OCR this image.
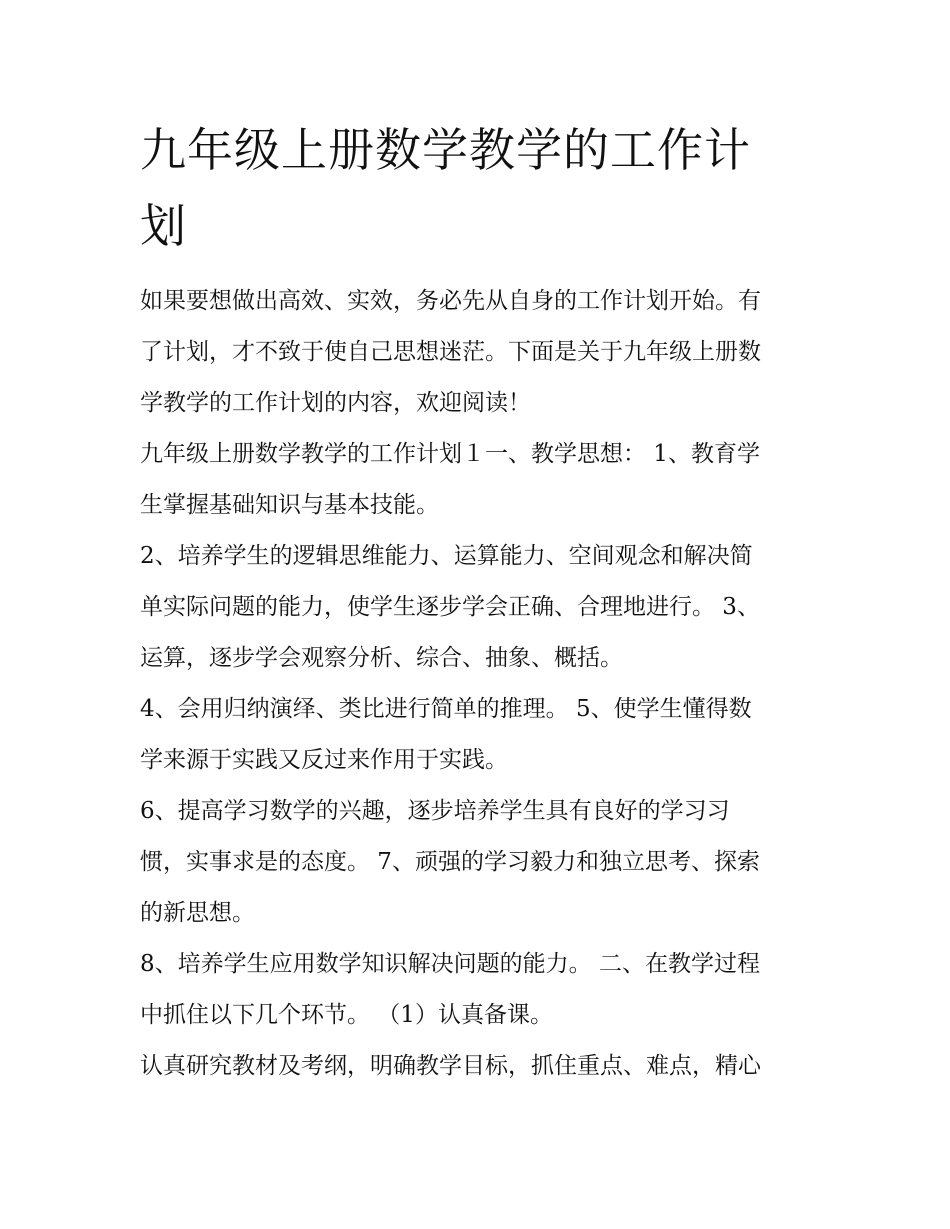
九年级上册数学教学的工作计
划
如果要想做出高效、实效，务必先从自身的工作计划开始。有
了计划，才不致于使自己思想迷茫。下面是关于九年级上册数
学教学的工作计划的内容，欢迎阅读！
九年级上册数学教学的工作计划１一、教学思想： 1、教育学
生掌握基础知识与基本技能。
2、培养学生的逻辑思维能力、运算能力、空间观念和解决简
单实际问题的能力，使学生逐步学会正确、合理地进行。 3、
运算，逐步学会观察分析、综合、抽象、概括。
4、会用归纳演绎、类比进行简单的推理。 5、使学生懂得数
学来源于实践又反过来作用于实践。
6、提高学习数学的兴趣，逐步培养学生具有良好的学习习
惯，实事求是的态度。 7、顽强的学习毅力和独立思考、探索
的新思想。
8、培养学生应用数学知识解决问题的能力。 二、在教学过程
中抓住以下几个环节。 （1）认真备课。
认真研究教材及考纲，明确教学目标，抓住重点、难点，精心
